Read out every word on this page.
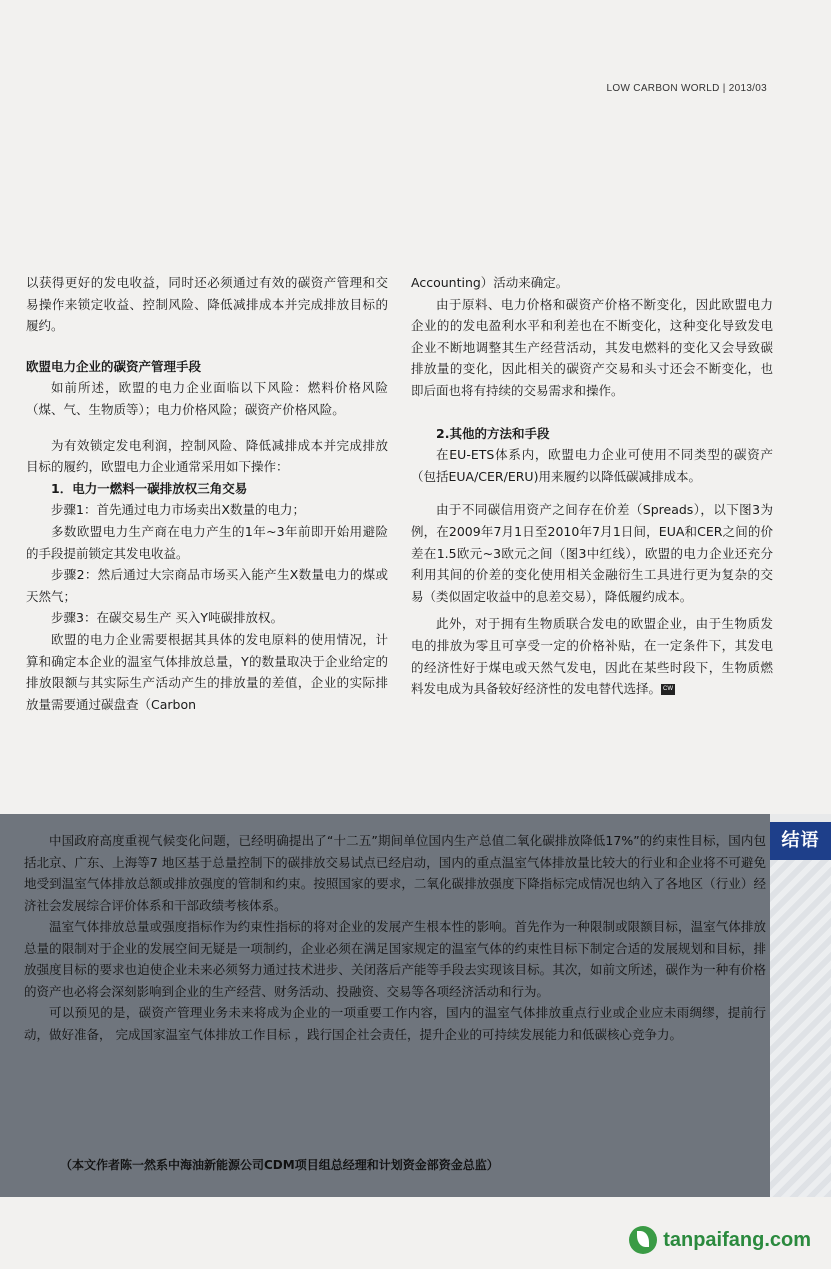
LOW CARBON WORLD | 2013/03

以获得更好的发电收益，同时还必须通过有效的碳资产管理和交易操作来锁定收益、控制风险、降低减排成本并完成排放目标的履约。

欧盟电力企业的碳资产管理手段

如前所述，欧盟的电力企业面临以下风险：燃料价格风险（煤、气、生物质等）；电力价格风险；碳资产价格风险。

为有效锁定发电利润，控制风险、降低减排成本并完成排放目标的履约，欧盟电力企业通常采用如下操作：

1．电力一燃料一碳排放权三角交易

步骤1：首先通过电力市场卖出X数量的电力；

多数欧盟电力生产商在电力产生的1年~3年前即开始用避险的手段提前锁定其发电收益。

步骤2：然后通过大宗商品市场买入能产生X数量电力的煤或天然气；

步骤3：在碳交易生产 买入Y吨碳排放权。

欧盟的电力企业需要根据其具体的发电原料的使用情况，计算和确定本企业的温室气体排放总量，Y的数量取决于企业给定的排放限额与其实际生产活动产生的排放量的差值，企业的实际排放量需要通过碳盘查（Carbon

Accounting）活动来确定。

由于原料、电力价格和碳资产价格不断变化，因此欧盟电力企业的的发电盈利水平和利差也在不断变化，这种变化导致发电企业不断地调整其生产经营活动，其发电燃料的变化又会导致碳排放量的变化，因此相关的碳资产交易和头寸还会不断变化，也即后面也将有持续的交易需求和操作。

2.其他的方法和手段

在EU-ETS体系内，欧盟电力企业可使用不同类型的碳资产（包括EUA/CER/ERU)用来履约以降低碳减排成本。

由于不同碳信用资产之间存在价差（Spreads），以下图3为例，在2009年7月1日至2010年7月1日间，EUA和CER之间的价差在1.5欧元~3欧元之间（图3中红线），欧盟的电力企业还充分利用其间的价差的变化使用相关金融衍生工具进行更为复杂的交易（类似固定收益中的息差交易），降低履约成本。

此外，对于拥有生物质联合发电的欧盟企业，由于生物质发电的排放为零且可享受一定的价格补贴，在一定条件下，其发电的经济性好于煤电或天然气发电，因此在某些时段下，生物质燃料发电成为具备较好经济性的发电替代选择。 CW

结语

中国政府高度重视气候变化问题，已经明确提出了“十二五”期间单位国内生产总值二氧化碳排放降低17%”的约束性目标，国内包括北京、广东、上海等7 地区基于总量控制下的碳排放交易试点已经启动，国内的重点温室气体排放量比较大的行业和企业将不可避免地受到温室气体排放总额或排放强度的管制和约束。按照国家的要求，二氧化碳排放强度下降指标完成情况也纳入了各地区（行业）经济社会发展综合评价体系和干部政绩考核体系。

温室气体排放总量或强度指标作为约束性指标的将对企业的发展产生根本性的影响。首先作为一种限制或限额目标，温室气体排放总量的限制对于企业的发展空间无疑是一项制约，企业必须在满足国家规定的温室气体的约束性目标下制定合适的发展规划和目标，排放强度目标的要求也迫使企业未来必须努力通过技术进步、关闭落后产能等手段去实现该目标。其次，如前文所述，碳作为一种有价格的资产也必将会深刻影响到企业的生产经营、财务活动、投融资、交易等各项经济活动和行为。

可以预见的是，碳资产管理业务未来将成为企业的一项重要工作内容，国内的温室气体排放重点行业或企业应未雨绸缪，提前行动，做好准备， 完成国家温室气体排放工作目标 ，践行国企社会责任，提升企业的可持续发展能力和低碳核心竞争力。

（本文作者陈一然系中海油新能源公司CDM项目组总经理和计划资金部资金总监）
tanpaifang.com
